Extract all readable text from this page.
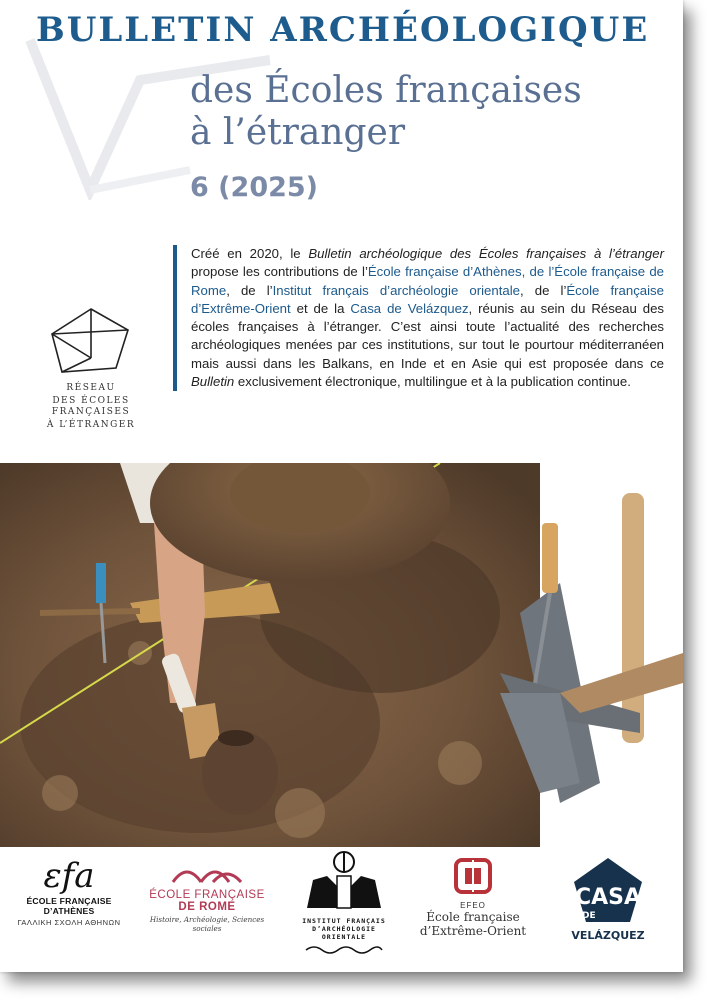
BULLETIN ARCHÉOLOGIQUE
des Écoles françaises
à l’étranger
6 (2025)
RÉSEAU
DES ÉCOLES FRANÇAISES
À L’ÉTRANGER
Créé en 2020, le Bulletin archéologique des Écoles françaises à l’étranger propose les contributions de l’École française d’Athènes, de l’École française de Rome, de l’Institut français d’archéologie orientale, de l’École française d’Extrême-Orient et de la Casa de Velázquez, réunis au sein du Réseau des écoles françaises à l’étranger. C’est ainsi toute l’actualité des recherches archéologiques menées par ces institutions, sur tout le pourtour méditerranéen mais aussi dans les Balkans, en Inde et en Asie qui est proposée dans ce Bulletin exclusivement électronique, multilingue et à la publication continue.
εfa
ÉCOLE FRANÇAISE D’ATHÈNES
ΓΑΛΛΙΚΗ ΣΧΟΛΗ ΑΘΗΝΩΝ
ÉCOLE FRANÇAISE
DE ROME
Histoire, Archéologie, Sciences sociales
INSTITUT FRANÇAIS
D’ARCHÉOLOGIE ORIENTALE
EFEO
École française
d’Extrême-Orient
CASA
DE
VELÁZQUEZ
